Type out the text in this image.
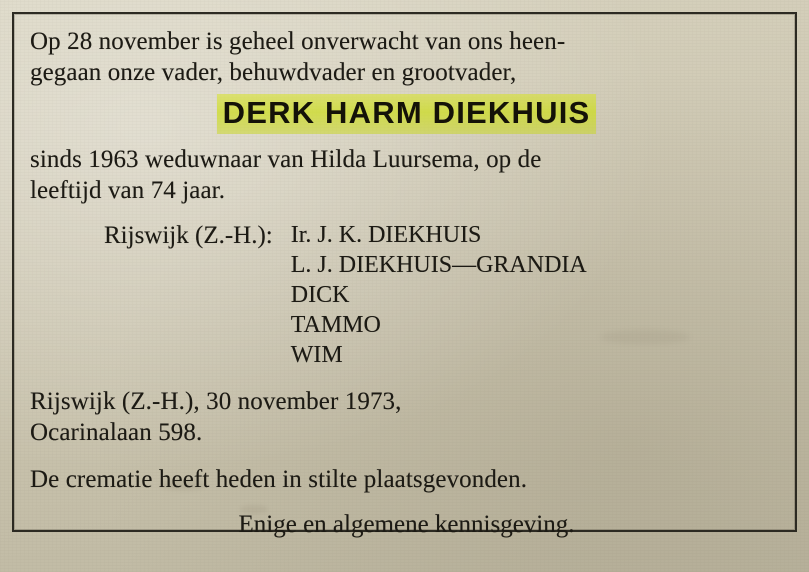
Op 28 november is geheel onverwacht van ons heen-
gegaan onze vader, behuwdvader en grootvader,
DERK HARM DIEKHUIS
sinds 1963 weduwnaar van Hilda Luursema, op de
leeftijd van 74 jaar.
Rijswijk (Z.-H.): Ir. J. K. DIEKHUIS
L. J. DIEKHUIS—GRANDIA
DICK
TAMMO
WIM
Rijswijk (Z.-H.), 30 november 1973,
Ocarinalaan 598.
De crematie heeft heden in stilte plaatsgevonden.
Enige en algemene kennisgeving.
